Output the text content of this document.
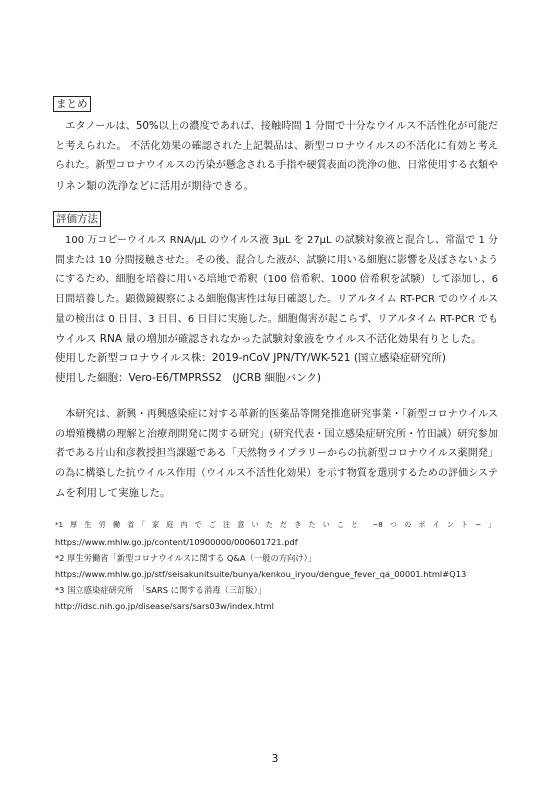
まとめ
　エタノールは、50%以上の濃度であれば、接触時間 1 分間で十分なウイルス不活性化が可能だ
と考えられた。 不活化効果の確認された上記製品は、新型コロナウイルスの不活化に有効と考え
られた。新型コロナウイルスの汚染が懸念される手指や硬質表面の洗浄の他、日常使用する衣類や
リネン類の洗浄などに活用が期待できる。
評価方法
　100 万コピーウイルス RNA/µL のウイルス液 3µL を 27µL の試験対象液と混合し、常温で 1 分
間または 10 分間接触させた。その後、混合した液が、試験に用いる細胞に影響を及ぼさないよう
にするため、細胞を培養に用いる培地で希釈（100 倍希釈、1000 倍希釈を試験）して添加し、6
日間培養した。顕微鏡観察による細胞傷害性は毎日確認した。リアルタイム RT-PCR でのウイルス
量の検出は 0 日目、3 日目、6 日目に実施した。細胞傷害が起こらず、リアルタイム RT-PCR でも
ウイルス RNA 量の増加が確認されなかった試験対象液をウイルス不活化効果有りとした。
使用した新型コロナウイルス株：2019-nCoV JPN/TY/WK-521 (国立感染症研究所)
使用した細胞：Vero-E6/TMPRSS2　(JCRB 細胞バンク)
　本研究は、新興・再興感染症に対する革新的医薬品等開発推進研究事業・「新型コロナウイルス
の増殖機構の理解と治療剤開発に関する研究」(研究代表・国立感染症研究所・竹田誠）研究参加
者である片山和彦教授担当課題である「天然物ライブラリーからの抗新型コロナウイルス薬開発」
の為に構築した抗ウイルス作用（ウイルス不活性化効果）を示す物質を選別するための評価システ
ムを利用して実施した。
*1　厚　生　労　働　省　「　家　庭　内　で　ご　注　意　い　た　だ　き　た　い　こ　と　　~8　つ　の　ポ　イ　ン　ト　~　」
https://www.mhlw.go.jp/content/10900000/000601721.pdf
*2 厚生労働省「新型コロナウイルスに関する Q&A（一般の方向け）」
https://www.mhlw.go.jp/stf/seisakunitsuite/bunya/kenkou_iryou/dengue_fever_qa_00001.html#Q13
*3 国立感染症研究所　「SARS に関する消毒（三訂版）」
http://idsc.nih.go.jp/disease/sars/sars03w/index.html
3
